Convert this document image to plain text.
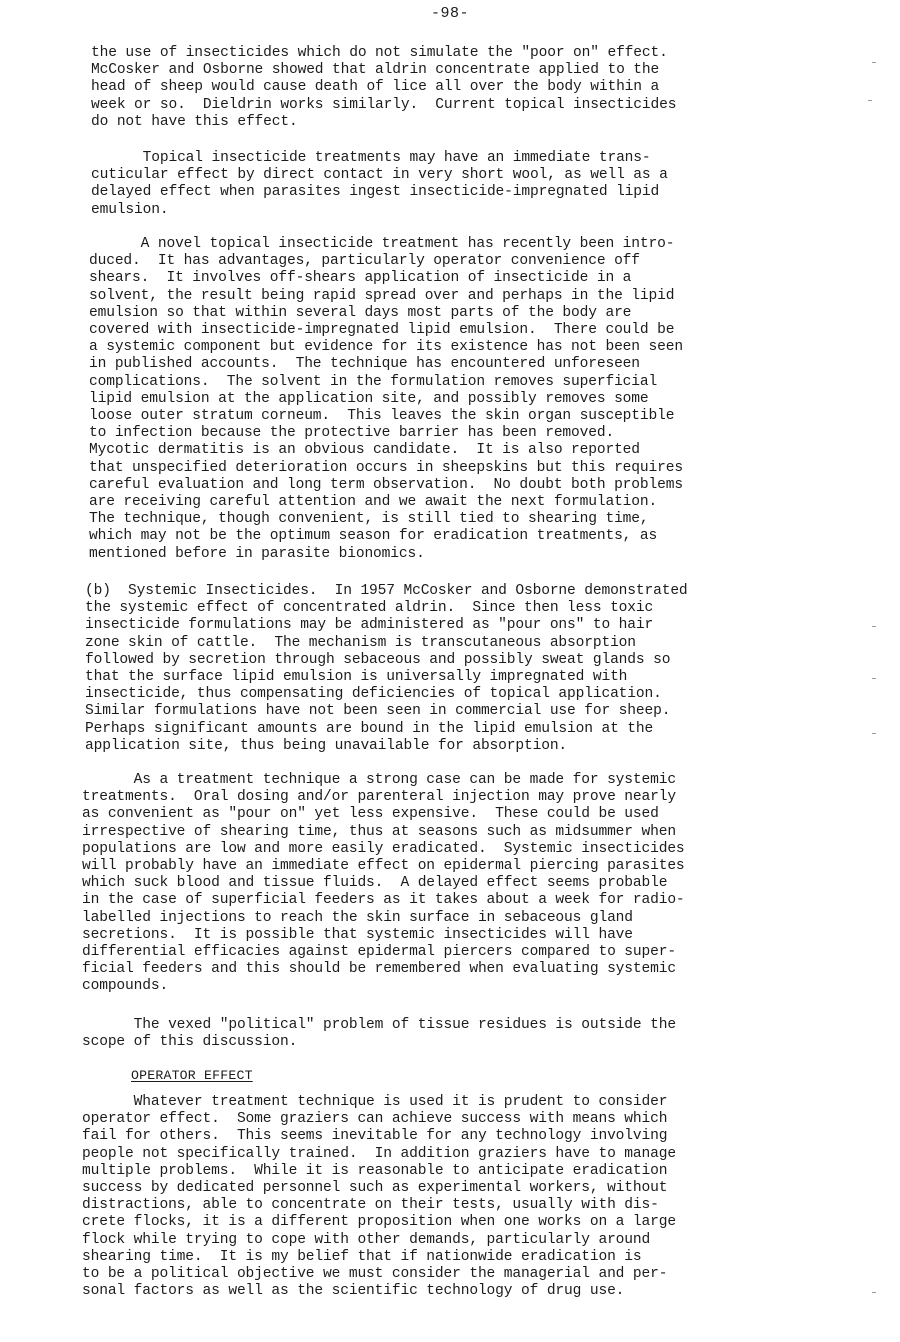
-98-

the use of insecticides which do not simulate the "poor on" effect.
McCosker and Osborne showed that aldrin concentrate applied to the
head of sheep would cause death of lice all over the body within a
week or so.  Dieldrin works similarly.  Current topical insecticides
do not have this effect.

Topical insecticide treatments may have an immediate trans-
cuticular effect by direct contact in very short wool, as well as a
delayed effect when parasites ingest insecticide-impregnated lipid
emulsion.

A novel topical insecticide treatment has recently been intro-
duced.  It has advantages, particularly operator convenience off
shears.  It involves off-shears application of insecticide in a
solvent, the result being rapid spread over and perhaps in the lipid
emulsion so that within several days most parts of the body are
covered with insecticide-impregnated lipid emulsion.  There could be
a systemic component but evidence for its existence has not been seen
in published accounts.  The technique has encountered unforeseen
complications.  The solvent in the formulation removes superficial
lipid emulsion at the application site, and possibly removes some
loose outer stratum corneum.  This leaves the skin organ susceptible
to infection because the protective barrier has been removed.
Mycotic dermatitis is an obvious candidate.  It is also reported
that unspecified deterioration occurs in sheepskins but this requires
careful evaluation and long term observation.  No doubt both problems
are receiving careful attention and we await the next formulation.
The technique, though convenient, is still tied to shearing time,
which may not be the optimum season for eradication treatments, as
mentioned before in parasite bionomics.

(b)  Systemic Insecticides.  In 1957 McCosker and Osborne demonstrated
the systemic effect of concentrated aldrin.  Since then less toxic
insecticide formulations may be administered as "pour ons" to hair
zone skin of cattle.  The mechanism is transcutaneous absorption
followed by secretion through sebaceous and possibly sweat glands so
that the surface lipid emulsion is universally impregnated with
insecticide, thus compensating deficiencies of topical application.
Similar formulations have not been seen in commercial use for sheep.
Perhaps significant amounts are bound in the lipid emulsion at the
application site, thus being unavailable for absorption.

As a treatment technique a strong case can be made for systemic
treatments.  Oral dosing and/or parenteral injection may prove nearly
as convenient as "pour on" yet less expensive.  These could be used
irrespective of shearing time, thus at seasons such as midsummer when
populations are low and more easily eradicated.  Systemic insecticides
will probably have an immediate effect on epidermal piercing parasites
which suck blood and tissue fluids.  A delayed effect seems probable
in the case of superficial feeders as it takes about a week for radio-
labelled injections to reach the skin surface in sebaceous gland
secretions.  It is possible that systemic insecticides will have
differential efficacies against epidermal piercers compared to super-
ficial feeders and this should be remembered when evaluating systemic
compounds.

The vexed "political" problem of tissue residues is outside the
scope of this discussion.

OPERATOR EFFECT

Whatever treatment technique is used it is prudent to consider
operator effect.  Some graziers can achieve success with means which
fail for others.  This seems inevitable for any technology involving
people not specifically trained.  In addition graziers have to manage
multiple problems.  While it is reasonable to anticipate eradication
success by dedicated personnel such as experimental workers, without
distractions, able to concentrate on their tests, usually with dis-
crete flocks, it is a different proposition when one works on a large
flock while trying to cope with other demands, particularly around
shearing time.  It is my belief that if nationwide eradication is
to be a political objective we must consider the managerial and per-
sonal factors as well as the scientific technology of drug use.
